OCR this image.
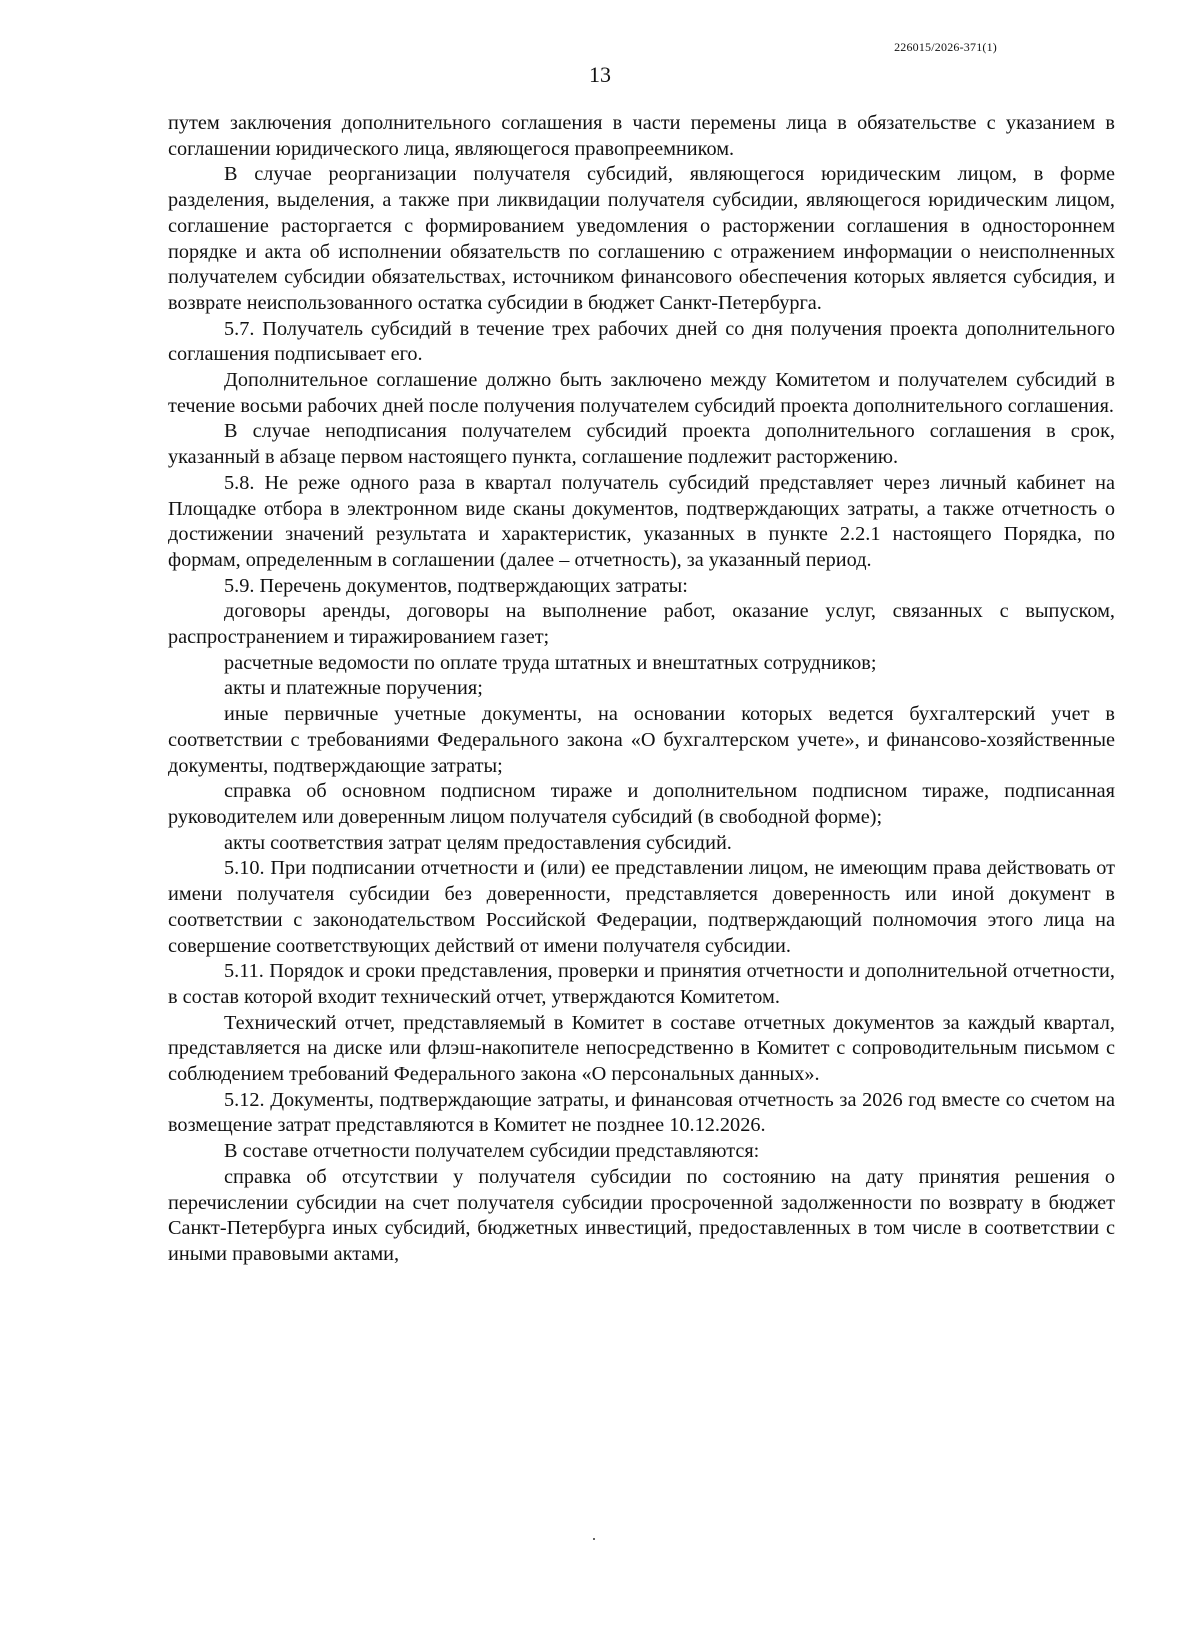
226015/2026-371(1)
13

путем заключения дополнительного соглашения в части перемены лица в обязательстве с указанием в соглашении юридического лица, являющегося правопреемником.

В случае реорганизации получателя субсидий, являющегося юридическим лицом, в форме разделения, выделения, а также при ликвидации получателя субсидии, являющегося юридическим лицом, соглашение расторгается с формированием уведомления о расторжении соглашения в одностороннем порядке и акта об исполнении обязательств по соглашению с отражением информации о неисполненных получателем субсидии обязательствах, источником финансового обеспечения которых является субсидия, и возврате неиспользованного остатка субсидии в бюджет Санкт-Петербурга.

5.7. Получатель субсидий в течение трех рабочих дней со дня получения проекта дополнительного соглашения подписывает его.

Дополнительное соглашение должно быть заключено между Комитетом и получателем субсидий в течение восьми рабочих дней после получения получателем субсидий проекта дополнительного соглашения.

В случае неподписания получателем субсидий проекта дополнительного соглашения в срок, указанный в абзаце первом настоящего пункта, соглашение подлежит расторжению.

5.8. Не реже одного раза в квартал получатель субсидий представляет через личный кабинет на Площадке отбора в электронном виде сканы документов, подтверждающих затраты, а также отчетность о достижении значений результата и характеристик, указанных в пункте 2.2.1 настоящего Порядка, по формам, определенным в соглашении (далее – отчетность), за указанный период.

5.9. Перечень документов, подтверждающих затраты:

договоры аренды, договоры на выполнение работ, оказание услуг, связанных с выпуском, распространением и тиражированием газет;

расчетные ведомости по оплате труда штатных и внештатных сотрудников;

акты и платежные поручения;

иные первичные учетные документы, на основании которых ведется бухгалтерский учет в соответствии с требованиями Федерального закона «О бухгалтерском учете», и финансово-хозяйственные документы, подтверждающие затраты;

справка об основном подписном тираже и дополнительном подписном тираже, подписанная руководителем или доверенным лицом получателя субсидий (в свободной форме);

акты соответствия затрат целям предоставления субсидий.

5.10. При подписании отчетности и (или) ее представлении лицом, не имеющим права действовать от имени получателя субсидии без доверенности, представляется доверенность или иной документ в соответствии с законодательством Российской Федерации, подтверждающий полномочия этого лица на совершение соответствующих действий от имени получателя субсидии.

5.11. Порядок и сроки представления, проверки и принятия отчетности и дополнительной отчетности, в состав которой входит технический отчет, утверждаются Комитетом.

Технический отчет, представляемый в Комитет в составе отчетных документов за каждый квартал, представляется на диске или флэш-накопителе непосредственно в Комитет с сопроводительным письмом с соблюдением требований Федерального закона «О персональных данных».

5.12. Документы, подтверждающие затраты, и финансовая отчетность за 2026 год вместе со счетом на возмещение затрат представляются в Комитет не позднее 10.12.2026.

В составе отчетности получателем субсидии представляются:

справка об отсутствии у получателя субсидии по состоянию на дату принятия решения о перечислении субсидии на счет получателя субсидии просроченной задолженности по возврату в бюджет Санкт-Петербурга иных субсидий, бюджетных инвестиций, предоставленных в том числе в соответствии с иными правовыми актами,
